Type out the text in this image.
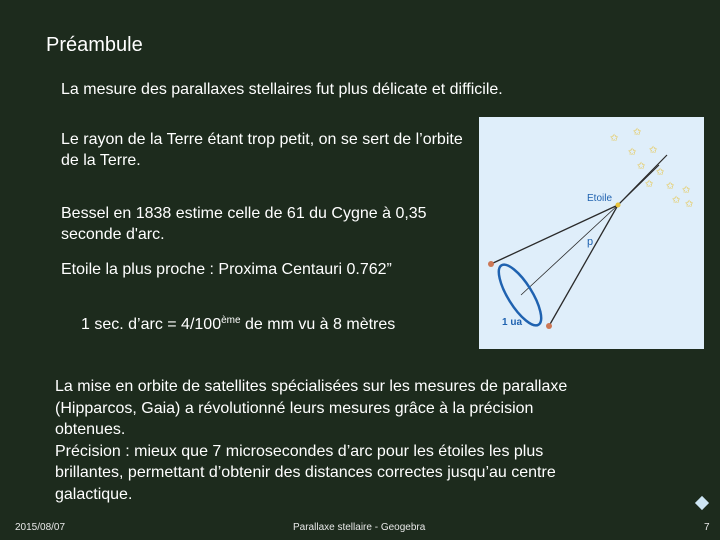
Préambule
La mesure des parallaxes stellaires fut plus délicate et difficile.
Le rayon de la Terre étant trop petit, on se sert de l’orbite de la Terre.
Bessel en 1838 estime celle de 61 du Cygne à 0,35 seconde d'arc.
Etoile la plus proche : Proxima Centauri 0.762”
1 sec. d’arc = 4/100ème de mm vu à 8 mètres
✩
✩
✩ ✩
✩
✩
✩ ✩ ✩
✩ ✩
Etoile
p
1 ua
La mise en orbite de satellites spécialisées sur les mesures de parallaxe
(Hipparcos, Gaia) a révolutionné leurs mesures grâce à la précision
obtenues.
Précision : mieux que 7 microsecondes d’arc pour les étoiles les plus
brillantes, permettant d’obtenir des distances correctes jusqu’au centre
galactique.
2015/08/07	Parallaxe stellaire - Geogebra	7
